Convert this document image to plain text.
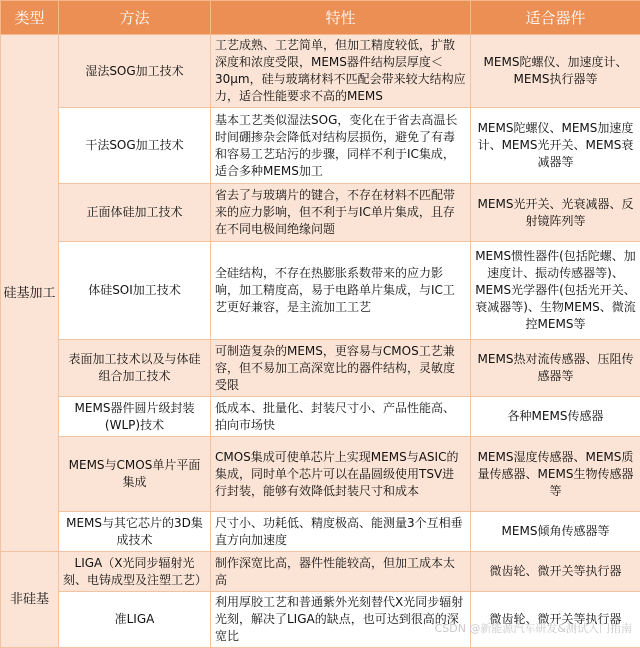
类型	方法	特性	适合器件
硅基加工	湿法SOG加工技术	工艺成熟、工艺简单，但加工精度较低，扩散深度和浓度受限，MEMS器件结构层厚度＜30μm，硅与玻璃材料不匹配会带来较大结构应力，适合性能要求不高的MEMS	MEMS陀螺仪、加速度计、MEMS执行器等
	干法SOG加工技术	基本工艺类似湿法SOG，变化在于省去高温长时间硼掺杂会降低对结构层损伤，避免了有毒和容易工艺玷污的步骤，同样不利于IC集成，适合多种MEMS加工	MEMS陀螺仪、MEMS加速度计、MEMS光开关、MEMS衰减器等
	正面体硅加工技术	省去了与玻璃片的键合，不存在材料不匹配带来的应力影响，但不利于与IC单片集成，且存在不同电极间绝缘问题	MEMS光开关、光衰减器、反射镜阵列等
	体硅SOI加工技术	全硅结构，不存在热膨胀系数带来的应力影响，加工精度高，易于电路单片集成，与IC工艺更好兼容，是主流加工工艺	MEMS惯性器件(包括陀螺、加速度计、振动传感器等)、MEMS光学器件(包括光开关、衰减器等)、生物MEMS、微流控MEMS等
	表面加工技术以及与体硅组合加工技术	可制造复杂的MEMS，更容易与CMOS工艺兼容，但不易加工高深宽比的器件结构，灵敏度受限	MEMS热对流传感器、压阻传感器等
	MEMS器件圆片级封装(WLP)技术	低成本、批量化、封装尺寸小、产品性能高、拍向市场快	各种MEMS传感器
	MEMS与CMOS单片平面集成	CMOS集成可使单芯片上实现MEMS与ASIC的集成，同时单个芯片可以在晶圆级使用TSV进行封装，能够有效降低封装尺寸和成本	MEMS湿度传感器、MEMS质量传感器、MEMS生物传感器等
	MEMS与其它芯片的3D集成技术	尺寸小、功耗低、精度极高、能测量3个互相垂直方向加速度	MEMS倾角传感器等
非硅基	LIGA（X光同步辐射光刻、电铸成型及注塑工艺）	制作深宽比高，器件性能较高，但加工成本太高	微齿轮、微开关等执行器
	准LIGA	利用厚胶工艺和普通紫外光刻替代X光同步辐射光刻，解决了LIGA的缺点，也可达到很高的深宽比	微齿轮、微开关等执行器
CSDN @新能源汽车研发&测试入门指南
